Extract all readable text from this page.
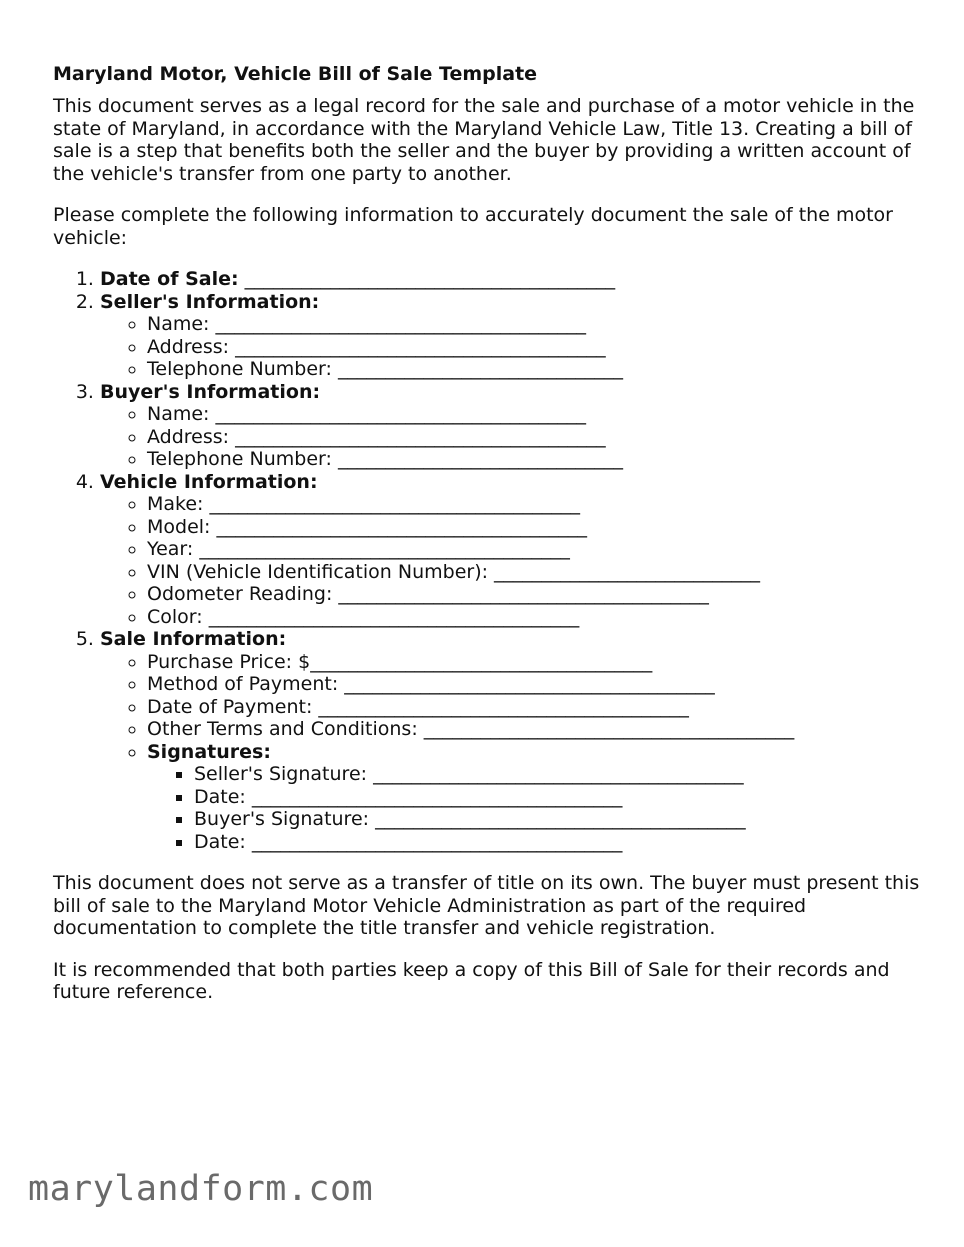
Maryland Motor, Vehicle Bill of Sale Template

This document serves as a legal record for the sale and purchase of a motor vehicle in the state of Maryland, in accordance with the Maryland Vehicle Law, Title 13. Creating a bill of sale is a step that benefits both the seller and the buyer by providing a written account of the vehicle's transfer from one party to another.

Please complete the following information to accurately document the sale of the motor vehicle:

1. Date of Sale: _______________________________________
2. Seller's Information:
◦ Name: _______________________________________
◦ Address: _______________________________________
◦ Telephone Number: ______________________________
3. Buyer's Information:
◦ Name: _______________________________________
◦ Address: _______________________________________
◦ Telephone Number: ______________________________
4. Vehicle Information:
◦ Make: _______________________________________
◦ Model: _______________________________________
◦ Year: _______________________________________
◦ VIN (Vehicle Identification Number): ____________________________
◦ Odometer Reading: _______________________________________
◦ Color: _______________________________________
5. Sale Information:
◦ Purchase Price: $____________________________________
◦ Method of Payment: _______________________________________
◦ Date of Payment: _______________________________________
◦ Other Terms and Conditions: _______________________________________
◦ Signatures:
▪ Seller's Signature: _______________________________________
▪ Date: _______________________________________
▪ Buyer's Signature: _______________________________________
▪ Date: _______________________________________

This document does not serve as a transfer of title on its own. The buyer must present this bill of sale to the Maryland Motor Vehicle Administration as part of the required documentation to complete the title transfer and vehicle registration.

It is recommended that both parties keep a copy of this Bill of Sale for their records and future reference.

marylandform.com
